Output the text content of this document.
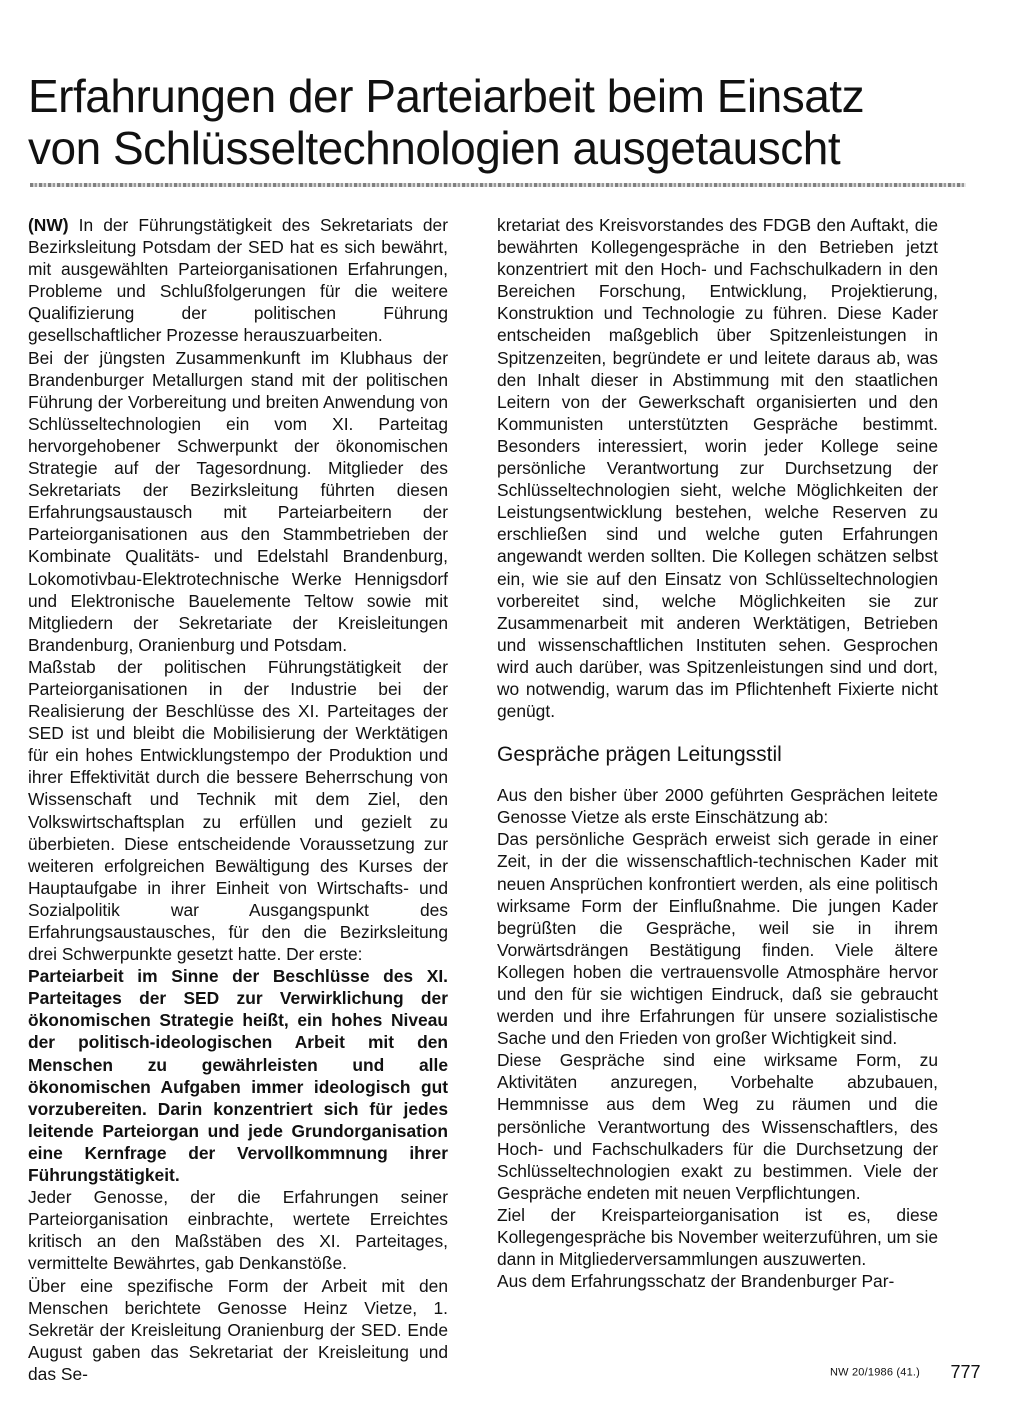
Erfahrungen der Parteiarbeit beim Einsatz
von Schlüsseltechnologien ausgetauscht

(NW) In der Führungstätigkeit des Sekretariats der Bezirksleitung Potsdam der SED hat es sich bewährt, mit ausgewählten Parteiorganisationen Erfahrungen, Probleme und Schlußfolgerungen für die weitere Qualifizierung der politischen Führung gesellschaftlicher Prozesse herauszuarbeiten.

Bei der jüngsten Zusammenkunft im Klubhaus der Brandenburger Metallurgen stand mit der politischen Führung der Vorbereitung und breiten Anwendung von Schlüsseltechnologien ein vom XI. Parteitag hervorgehobener Schwerpunkt der ökonomischen Strategie auf der Tagesordnung. Mitglieder des Sekretariats der Bezirksleitung führten diesen Erfahrungsaustausch mit Parteiarbeitern der Parteiorganisationen aus den Stammbetrieben der Kombinate Qualitäts- und Edelstahl Brandenburg, Lokomotivbau-Elektrotechnische Werke Hennigsdorf und Elektronische Bauelemente Teltow sowie mit Mitgliedern der Sekretariate der Kreisleitungen Brandenburg, Oranienburg und Potsdam.

Maßstab der politischen Führungstätigkeit der Parteiorganisationen in der Industrie bei der Realisierung der Beschlüsse des XI. Parteitages der SED ist und bleibt die Mobilisierung der Werktätigen für ein hohes Entwicklungstempo der Produktion und ihrer Effektivität durch die bessere Beherrschung von Wissenschaft und Technik mit dem Ziel, den Volkswirtschaftsplan zu erfüllen und gezielt zu überbieten. Diese entscheidende Voraussetzung zur weiteren erfolgreichen Bewältigung des Kurses der Hauptaufgabe in ihrer Einheit von Wirtschafts- und Sozialpolitik war Ausgangspunkt des Erfahrungsaustausches, für den die Bezirksleitung drei Schwerpunkte gesetzt hatte. Der erste:

Parteiarbeit im Sinne der Beschlüsse des XI. Parteitages der SED zur Verwirklichung der ökonomischen Strategie heißt, ein hohes Niveau der politisch-ideologischen Arbeit mit den Menschen zu gewährleisten und alle ökonomischen Aufgaben immer ideologisch gut vorzubereiten. Darin konzentriert sich für jedes leitende Parteiorgan und jede Grundorganisation eine Kernfrage der Vervollkommnung ihrer Führungstätigkeit.

Jeder Genosse, der die Erfahrungen seiner Parteiorganisation einbrachte, wertete Erreichtes kritisch an den Maßstäben des XI. Parteitages, vermittelte Bewährtes, gab Denkanstöße.

Über eine spezifische Form der Arbeit mit den Menschen berichtete Genosse Heinz Vietze, 1. Sekretär der Kreisleitung Oranienburg der SED. Ende August gaben das Sekretariat der Kreisleitung und das Se-

kretariat des Kreisvorstandes des FDGB den Auftakt, die bewährten Kollegengespräche in den Betrieben jetzt konzentriert mit den Hoch- und Fachschulkadern in den Bereichen Forschung, Entwicklung, Projektierung, Konstruktion und Technologie zu führen. Diese Kader entscheiden maßgeblich über Spitzenleistungen in Spitzenzeiten, begründete er und leitete daraus ab, was den Inhalt dieser in Abstimmung mit den staatlichen Leitern von der Gewerkschaft organisierten und den Kommunisten unterstützten Gespräche bestimmt. Besonders interessiert, worin jeder Kollege seine persönliche Verantwortung zur Durchsetzung der Schlüsseltechnologien sieht, welche Möglichkeiten der Leistungsentwicklung bestehen, welche Reserven zu erschließen sind und welche guten Erfahrungen angewandt werden sollten. Die Kollegen schätzen selbst ein, wie sie auf den Einsatz von Schlüsseltechnologien vorbereitet sind, welche Möglichkeiten sie zur Zusammenarbeit mit anderen Werktätigen, Betrieben und wissenschaftlichen Instituten sehen. Gesprochen wird auch darüber, was Spitzenleistungen sind und dort, wo notwendig, warum das im Pflichtenheft Fixierte nicht genügt.

Gespräche prägen Leitungsstil

Aus den bisher über 2000 geführten Gesprächen leitete Genosse Vietze als erste Einschätzung ab:

Das persönliche Gespräch erweist sich gerade in einer Zeit, in der die wissenschaftlich-technischen Kader mit neuen Ansprüchen konfrontiert werden, als eine politisch wirksame Form der Einflußnahme. Die jungen Kader begrüßten die Gespräche, weil sie in ihrem Vorwärtsdrängen Bestätigung finden. Viele ältere Kollegen hoben die vertrauensvolle Atmosphäre hervor und den für sie wichtigen Eindruck, daß sie gebraucht werden und ihre Erfahrungen für unsere sozialistische Sache und den Frieden von großer Wichtigkeit sind.

Diese Gespräche sind eine wirksame Form, zu Aktivitäten anzuregen, Vorbehalte abzubauen, Hemmnisse aus dem Weg zu räumen und die persönliche Verantwortung des Wissenschaftlers, des Hoch- und Fachschulkaders für die Durchsetzung der Schlüsseltechnologien exakt zu bestimmen. Viele der Gespräche endeten mit neuen Verpflichtungen.

Ziel der Kreisparteiorganisation ist es, diese Kollegengespräche bis November weiterzuführen, um sie dann in Mitgliederversammlungen auszuwerten.

Aus dem Erfahrungsschatz der Brandenburger Par-

NW 20/1986 (41.) 777
